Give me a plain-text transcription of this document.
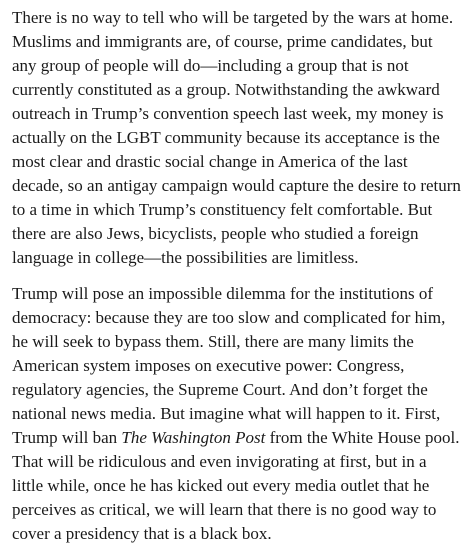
There is no way to tell who will be targeted by the wars at home.
Muslims and immigrants are, of course, prime candidates, but
any group of people will do—including a group that is not
currently constituted as a group. Notwithstanding the awkward
outreach in Trump’s convention speech last week, my money is
actually on the LGBT community because its acceptance is the
most clear and drastic social change in America of the last
decade, so an antigay campaign would capture the desire to return
to a time in which Trump’s constituency felt comfortable. But
there are also Jews, bicyclists, people who studied a foreign
language in college—the possibilities are limitless.

Trump will pose an impossible dilemma for the institutions of
democracy: because they are too slow and complicated for him,
he will seek to bypass them. Still, there are many limits the
American system imposes on executive power: Congress,
regulatory agencies, the Supreme Court. And don’t forget the
national news media. But imagine what will happen to it. First,
Trump will ban The Washington Post from the White House pool.
That will be ridiculous and even invigorating at first, but in a
little while, once he has kicked out every media outlet that he
perceives as critical, we will learn that there is no good way to
cover a presidency that is a black box.
